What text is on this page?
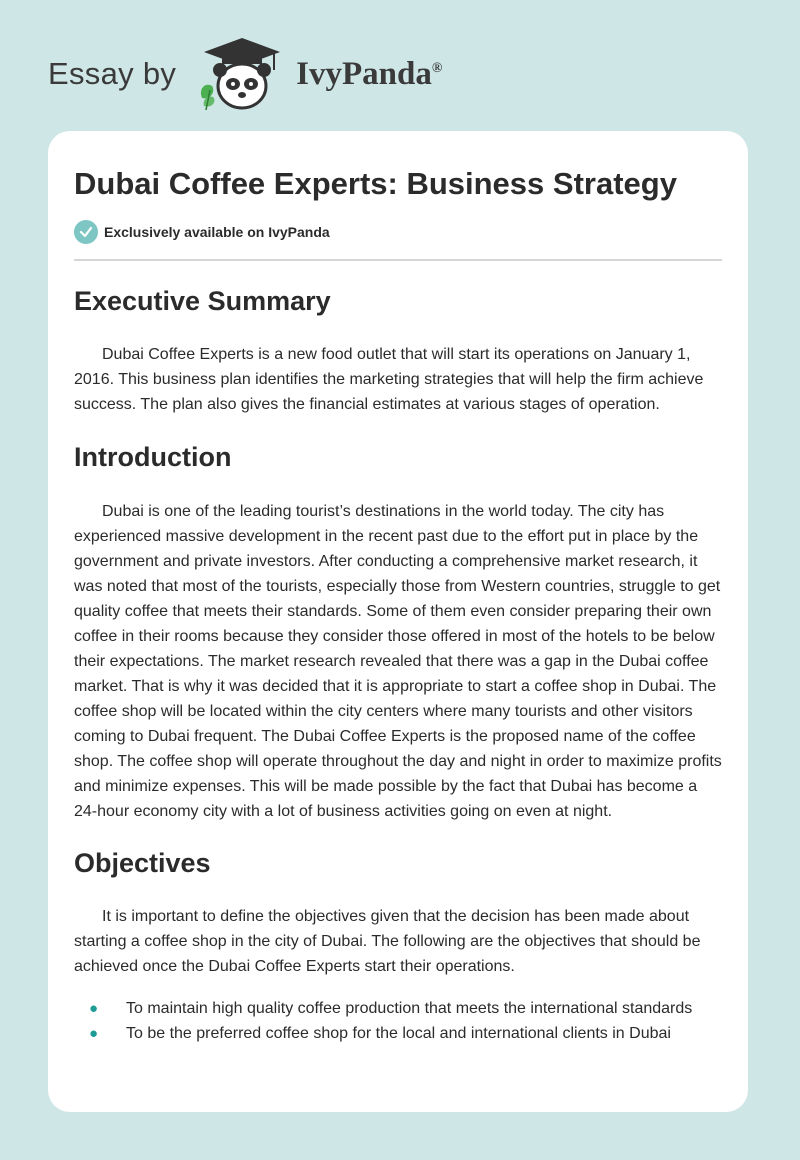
Essay by	IvyPanda®
Dubai Coffee Experts: Business Strategy
Exclusively available on IvyPanda
Executive Summary

Dubai Coffee Experts is a new food outlet that will start its operations on January 1, 2016. This business plan identifies the marketing strategies that will help the firm achieve success. The plan also gives the financial estimates at various stages of operation.

Introduction

Dubai is one of the leading tourist’s destinations in the world today. The city has experienced massive development in the recent past due to the effort put in place by the government and private investors. After conducting a comprehensive market research, it was noted that most of the tourists, especially those from Western countries, struggle to get quality coffee that meets their standards. Some of them even consider preparing their own coffee in their rooms because they consider those offered in most of the hotels to be below their expectations. The market research revealed that there was a gap in the Dubai coffee market. That is why it was decided that it is appropriate to start a coffee shop in Dubai. The coffee shop will be located within the city centers where many tourists and other visitors coming to Dubai frequent. The Dubai Coffee Experts is the proposed name of the coffee shop. The coffee shop will operate throughout the day and night in order to maximize profits and minimize expenses. This will be made possible by the fact that Dubai has become a 24-hour economy city with a lot of business activities going on even at night.

Objectives

It is important to define the objectives given that the decision has been made about starting a coffee shop in the city of Dubai. The following are the objectives that should be achieved once the Dubai Coffee Experts start their operations.

● To maintain high quality coffee production that meets the international standards
● To be the preferred coffee shop for the local and international clients in Dubai
